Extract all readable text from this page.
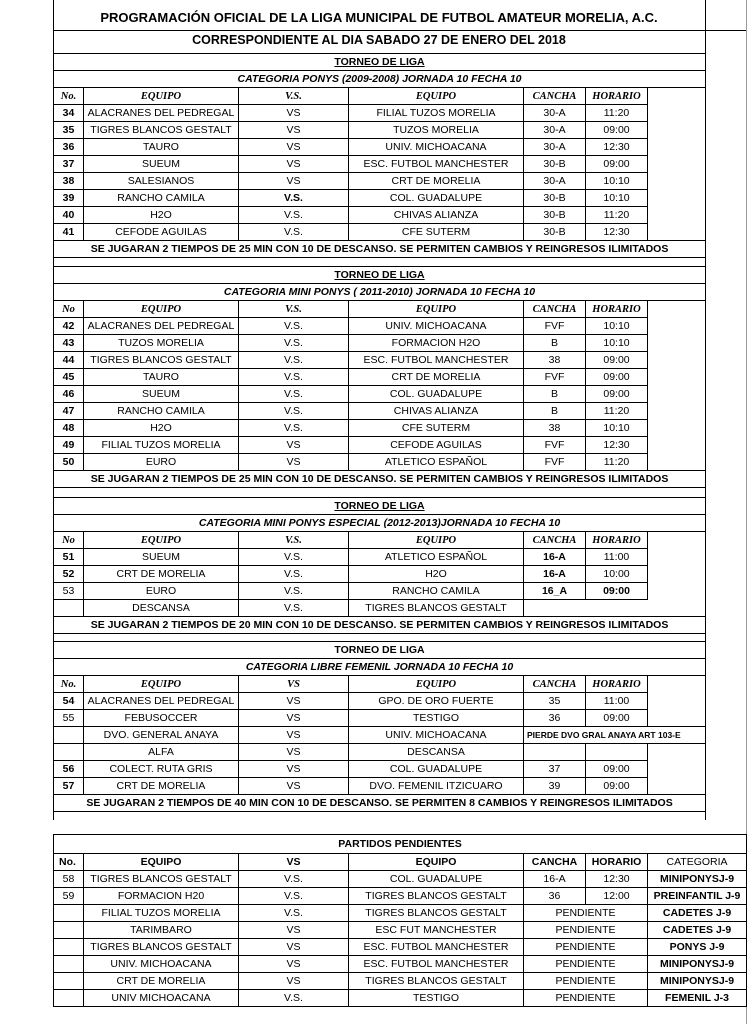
PROGRAMACIÓN OFICIAL DE LA LIGA MUNICIPAL DE FUTBOL AMATEUR MORELIA, A.C.
CORRESPONDIENTE AL DIA SABADO 27 DE ENERO DEL 2018
TORNEO DE LIGA						
CATEGORIA PONYS (2009-2008) JORNADA 10 FECHA 10						
No.	EQUIPO	V.S.	EQUIPO	CANCHA	HORARIO	
34	ALACRANES DEL PEDREGAL	VS	FILIAL TUZOS MORELIA	30-A	11:20	
35	TIGRES BLANCOS GESTALT	VS	TUZOS MORELIA	30-A	09:00	
36	TAURO	VS	UNIV. MICHOACANA	30-A	12:30	
37	SUEUM	VS	ESC. FUTBOL MANCHESTER	30-B	09:00	
38	SALESIANOS	VS	CRT DE MORELIA	30-A	10:10	
39	RANCHO CAMILA	V.S.	COL. GUADALUPE	30-B	10:10	
40	H2O	V.S.	CHIVAS ALIANZA	30-B	11:20	
41	CEFODE AGUILAS	V.S.	CFE SUTERM	30-B	12:30	
SE JUGARAN 2 TIEMPOS DE 25 MIN CON 10 DE DESCANSO. SE PERMITEN CAMBIOS Y REINGRESOS ILIMITADOS						
TORNEO DE LIGA						
CATEGORIA MINI PONYS ( 2011-2010) JORNADA 10 FECHA 10						
No	EQUIPO	V.S.	EQUIPO	CANCHA	HORARIO	
42	ALACRANES DEL PEDREGAL	V.S.	UNIV. MICHOACANA	FVF	10:10	
43	TUZOS MORELIA	V.S.	FORMACION H2O	B	10:10	
44	TIGRES BLANCOS GESTALT	V.S.	ESC. FUTBOL MANCHESTER	38	09:00	
45	TAURO	V.S.	CRT DE MORELIA	FVF	09:00	
46	SUEUM	V.S.	COL. GUADALUPE	B	09:00	
47	RANCHO CAMILA	V.S.	CHIVAS ALIANZA	B	11:20	
48	H2O	V.S.	CFE SUTERM	38	10:10	
49	FILIAL TUZOS MORELIA	VS	CEFODE AGUILAS	FVF	12:30	
50	EURO	VS	ATLETICO ESPAÑOL	FVF	11:20	
SE JUGARAN 2 TIEMPOS DE 25 MIN CON 10 DE DESCANSO. SE PERMITEN CAMBIOS Y REINGRESOS ILIMITADOS						
TORNEO DE LIGA						
CATEGORIA MINI PONYS ESPECIAL (2012-2013)JORNADA 10 FECHA 10						
No	EQUIPO	V.S.	EQUIPO	CANCHA	HORARIO	
51	SUEUM	V.S.	ATLETICO ESPAÑOL	16-A	11:00	
52	CRT DE MORELIA	V.S.	H2O	16-A	10:00	
53	EURO	V.S.	RANCHO CAMILA	16_A	09:00	
	DESCANSA	V.S.	TIGRES BLANCOS GESTALT			
SE JUGARAN 2 TIEMPOS DE 20 MIN CON 10 DE DESCANSO. SE PERMITEN CAMBIOS Y REINGRESOS ILIMITADOS						
TORNEO DE LIGA						
CATEGORIA LIBRE FEMENIL JORNADA 10 FECHA 10						
No.	EQUIPO	VS	EQUIPO	CANCHA	HORARIO	
54	ALACRANES DEL PEDREGAL	VS	GPO. DE ORO FUERTE	35	11:00	
55	FEBUSOCCER	VS	TESTIGO	36	09:00	
	DVO. GENERAL ANAYA	VS	UNIV. MICHOACANA	PIERDE DVO GRAL ANAYA ART 103-E		
	ALFA	VS	DESCANSA			
56	COLECT. RUTA GRIS	VS	COL. GUADALUPE	37	09:00	
57	CRT DE MORELIA	VS	DVO. FEMENIL ITZICUARO	39	09:00	
SE JUGARAN 2 TIEMPOS DE 40 MIN CON 10 DE DESCANSO. SE PERMITEN 8 CAMBIOS Y REINGRESOS ILIMITADOS						
PARTIDOS PENDIENTES						
No.	EQUIPO	VS	EQUIPO	CANCHA	HORARIO	CATEGORIA
58	TIGRES BLANCOS GESTALT	V.S.	COL. GUADALUPE	16-A	12:30	MINIPONYSJ-9
59	FORMACION H20	V.S.	TIGRES BLANCOS GESTALT	36	12:00	PREINFANTIL J-9
	FILIAL TUZOS MORELIA	V.S.	TIGRES BLANCOS GESTALT	PENDIENTE		CADETES J-9
	TARIMBARO	VS	ESC FUT MANCHESTER	PENDIENTE		CADETES J-9
	TIGRES BLANCOS GESTALT	VS	ESC. FUTBOL MANCHESTER	PENDIENTE		PONYS J-9
	UNIV. MICHOACANA	VS	ESC. FUTBOL MANCHESTER	PENDIENTE		MINIPONYSJ-9
	CRT DE MORELIA	VS	TIGRES BLANCOS GESTALT	PENDIENTE		MINIPONYSJ-9
	UNIV MICHOACANA	V.S.	TESTIGO	PENDIENTE		FEMENIL J-3
